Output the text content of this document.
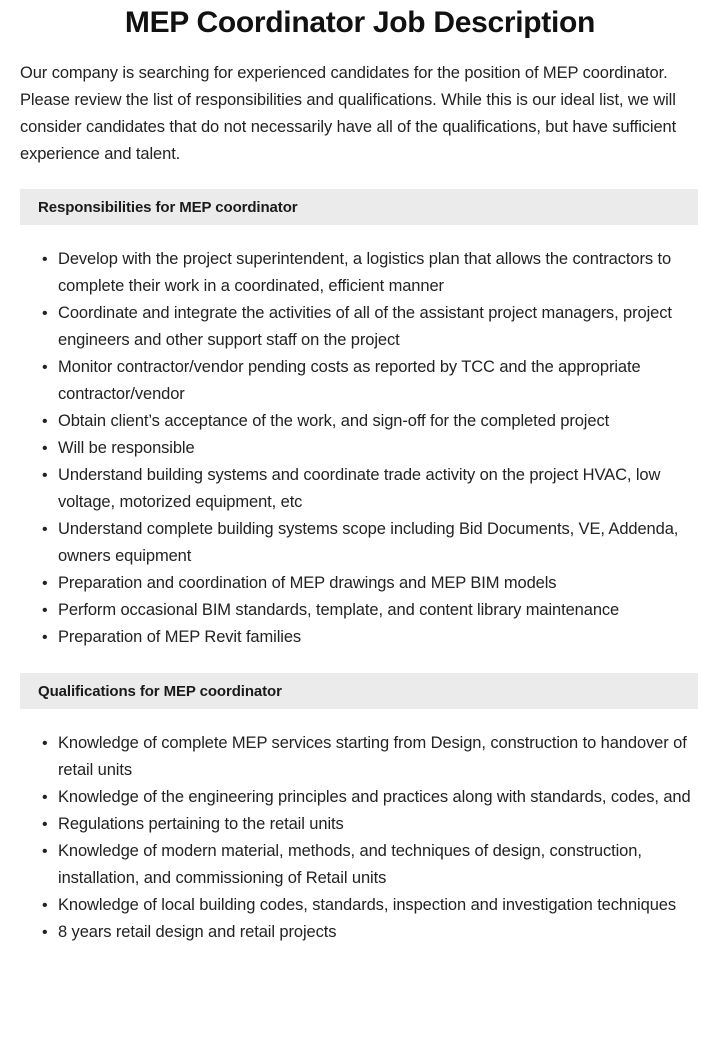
MEP Coordinator Job Description

Our company is searching for experienced candidates for the position of MEP coordinator. Please review the list of responsibilities and qualifications. While this is our ideal list, we will consider candidates that do not necessarily have all of the qualifications, but have sufficient experience and talent.

Responsibilities for MEP coordinator
• Develop with the project superintendent, a logistics plan that allows the contractors to complete their work in a coordinated, efficient manner
• Coordinate and integrate the activities of all of the assistant project managers, project engineers and other support staff on the project
• Monitor contractor/vendor pending costs as reported by TCC and the appropriate contractor/vendor
• Obtain client’s acceptance of the work, and sign-off for the completed project
• Will be responsible
• Understand building systems and coordinate trade activity on the project HVAC, low voltage, motorized equipment, etc
• Understand complete building systems scope including Bid Documents, VE, Addenda, owners equipment
• Preparation and coordination of MEP drawings and MEP BIM models
• Perform occasional BIM standards, template, and content library maintenance
• Preparation of MEP Revit families
Qualifications for MEP coordinator
• Knowledge of complete MEP services starting from Design, construction to handover of retail units
• Knowledge of the engineering principles and practices along with standards, codes, and
• Regulations pertaining to the retail units
• Knowledge of modern material, methods, and techniques of design, construction, installation, and commissioning of Retail units
• Knowledge of local building codes, standards, inspection and investigation techniques
• 8 years retail design and retail projects
